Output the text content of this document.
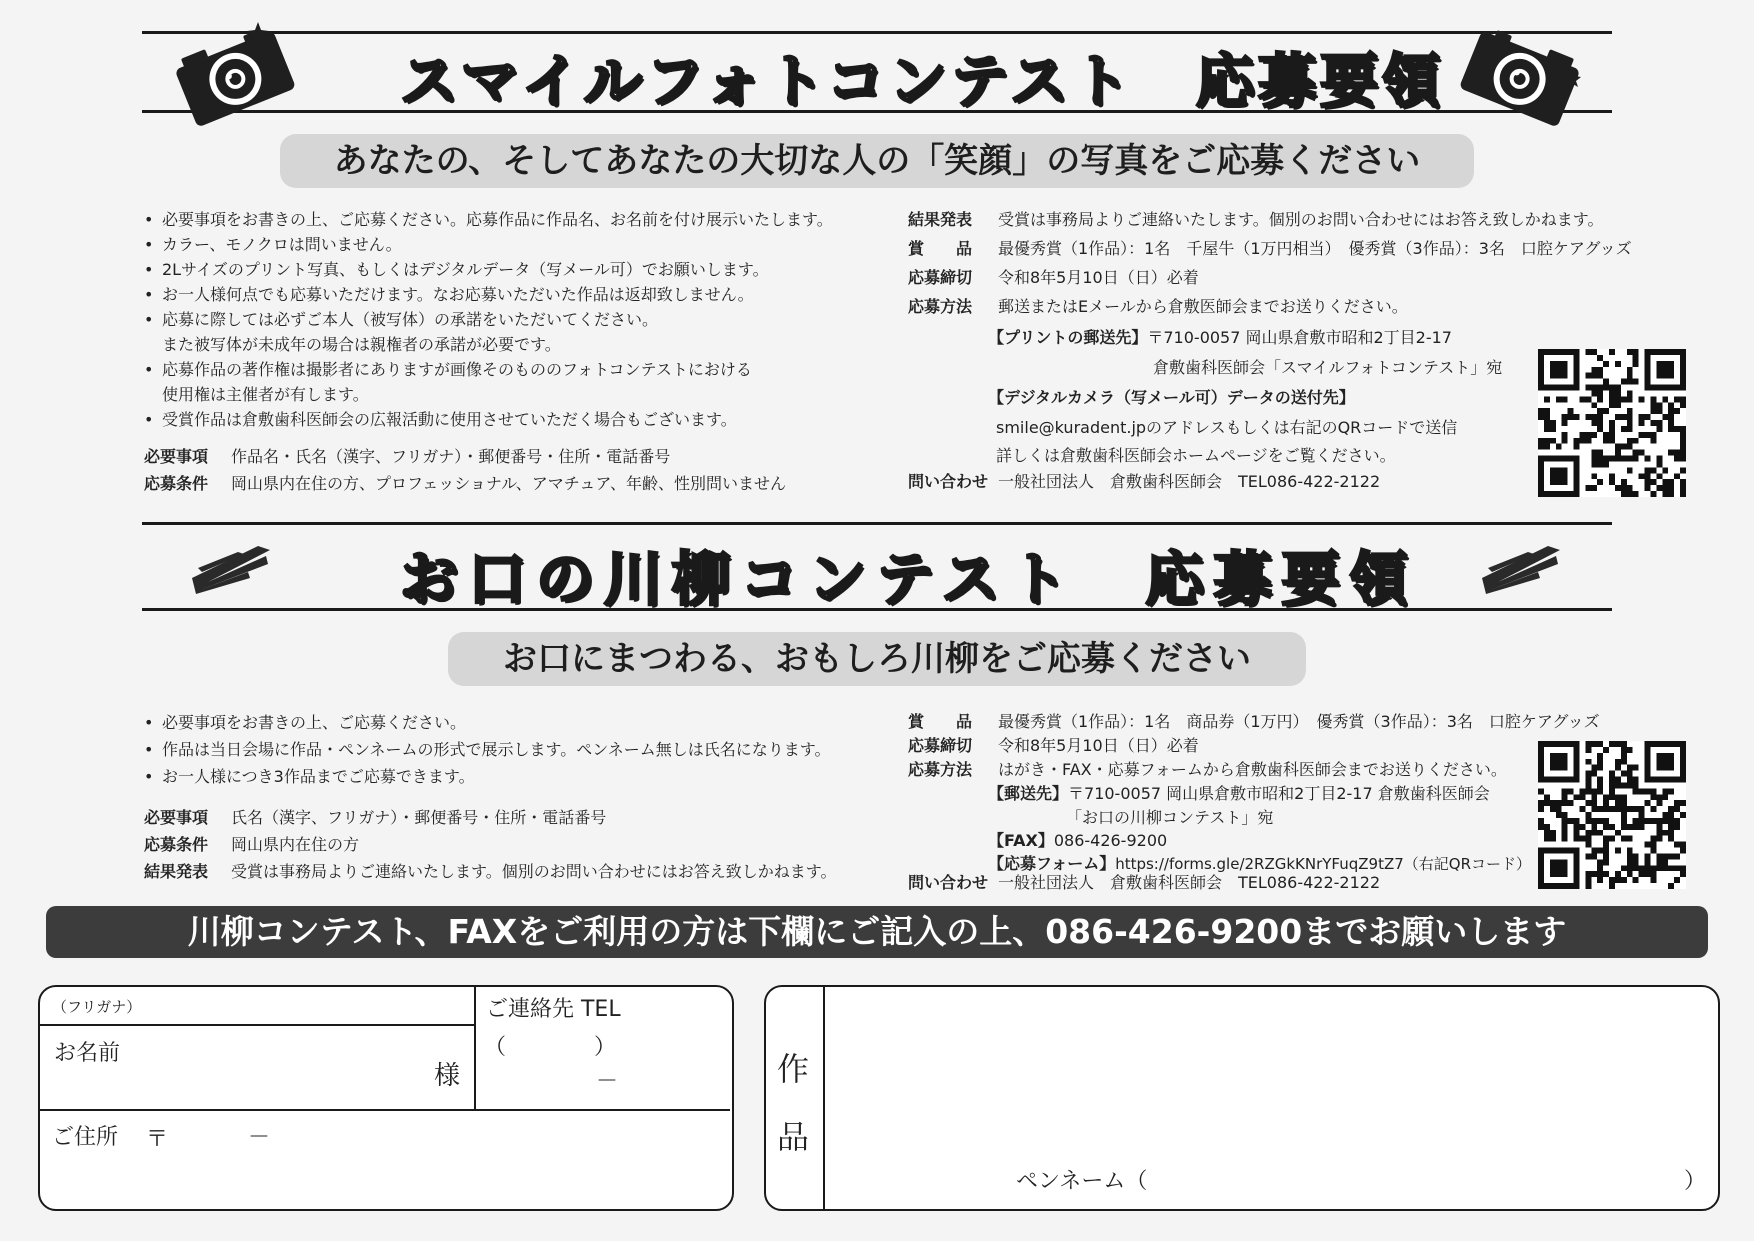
スマイルフォトコンテスト　応募要領
あなたの、そしてあなたの大切な人の「笑顔」の写真をご応募ください
• 必要事項をお書きの上、ご応募ください。応募作品に作品名、お名前を付け展示いたします。
• カラー、モノクロは問いません。
• 2Lサイズのプリント写真、もしくはデジタルデータ（写メール可）でお願いします。
• お一人様何点でも応募いただけます。なお応募いただいた作品は返却致しません。
• 応募に際しては必ずご本人（被写体）の承諾をいただいてください。
また被写体が未成年の場合は親権者の承諾が必要です。
• 応募作品の著作権は撮影者にありますが画像そのもののフォトコンテストにおける
使用権は主催者が有します。
• 受賞作品は倉敷歯科医師会の広報活動に使用させていただく場合もございます。
必要事項 作品名・氏名（漢字、フリガナ）・郵便番号・住所・電話番号
応募条件 岡山県内在住の方、プロフェッショナル、アマチュア、年齢、性別問いません
結果発表 受賞は事務局よりご連絡いたします。個別のお問い合わせにはお答え致しかねます。
賞　　品 最優秀賞（1作品）：1名　千屋牛（1万円相当）　優秀賞（3作品）：3名　口腔ケアグッズ
応募締切 令和8年5月10日（日）必着
応募方法 郵送またはEメールから倉敷医師会までお送りください。
【プリントの郵送先】〒710-0057 岡山県倉敷市昭和2丁目2-17
倉敷歯科医師会「スマイルフォトコンテスト」宛
【デジタルカメラ（写メール可）データの送付先】
smile@kuradent.jpのアドレスもしくは右記のQRコードで送信
詳しくは倉敷歯科医師会ホームページをご覧ください。
問い合わせ 一般社団法人　倉敷歯科医師会　TEL086-422-2122
お口の川柳コンテスト　応募要領
お口にまつわる、おもしろ川柳をご応募ください
• 必要事項をお書きの上、ご応募ください。
• 作品は当日会場に作品・ペンネームの形式で展示します。ペンネーム無しは氏名になります。
• お一人様につき3作品までご応募できます。
必要事項 氏名（漢字、フリガナ）・郵便番号・住所・電話番号
応募条件 岡山県内在住の方
結果発表 受賞は事務局よりご連絡いたします。個別のお問い合わせにはお答え致しかねます。
賞　　品 最優秀賞（1作品）：1名　商品券（1万円）　優秀賞（3作品）：3名　口腔ケアグッズ
応募締切 令和8年5月10日（日）必着
応募方法 はがき・FAX・応募フォームから倉敷歯科医師会までお送りください。
【郵送先】〒710-0057 岡山県倉敷市昭和2丁目2-17 倉敷歯科医師会
「お口の川柳コンテスト」宛
【FAX】086-426-9200
【応募フォーム】https://forms.gle/2RZGkKNrYFuqZ9tZ7（右記QRコード）
問い合わせ 一般社団法人　倉敷歯科医師会　TEL086-422-2122
川柳コンテスト、FAXをご利用の方は下欄にご記入の上、086-426-9200までお願いします
（フリガナ）
お名前
様
ご連絡先 TEL
（　　　　）
－
ご住所 〒	－
作
品
ペンネーム（	）
